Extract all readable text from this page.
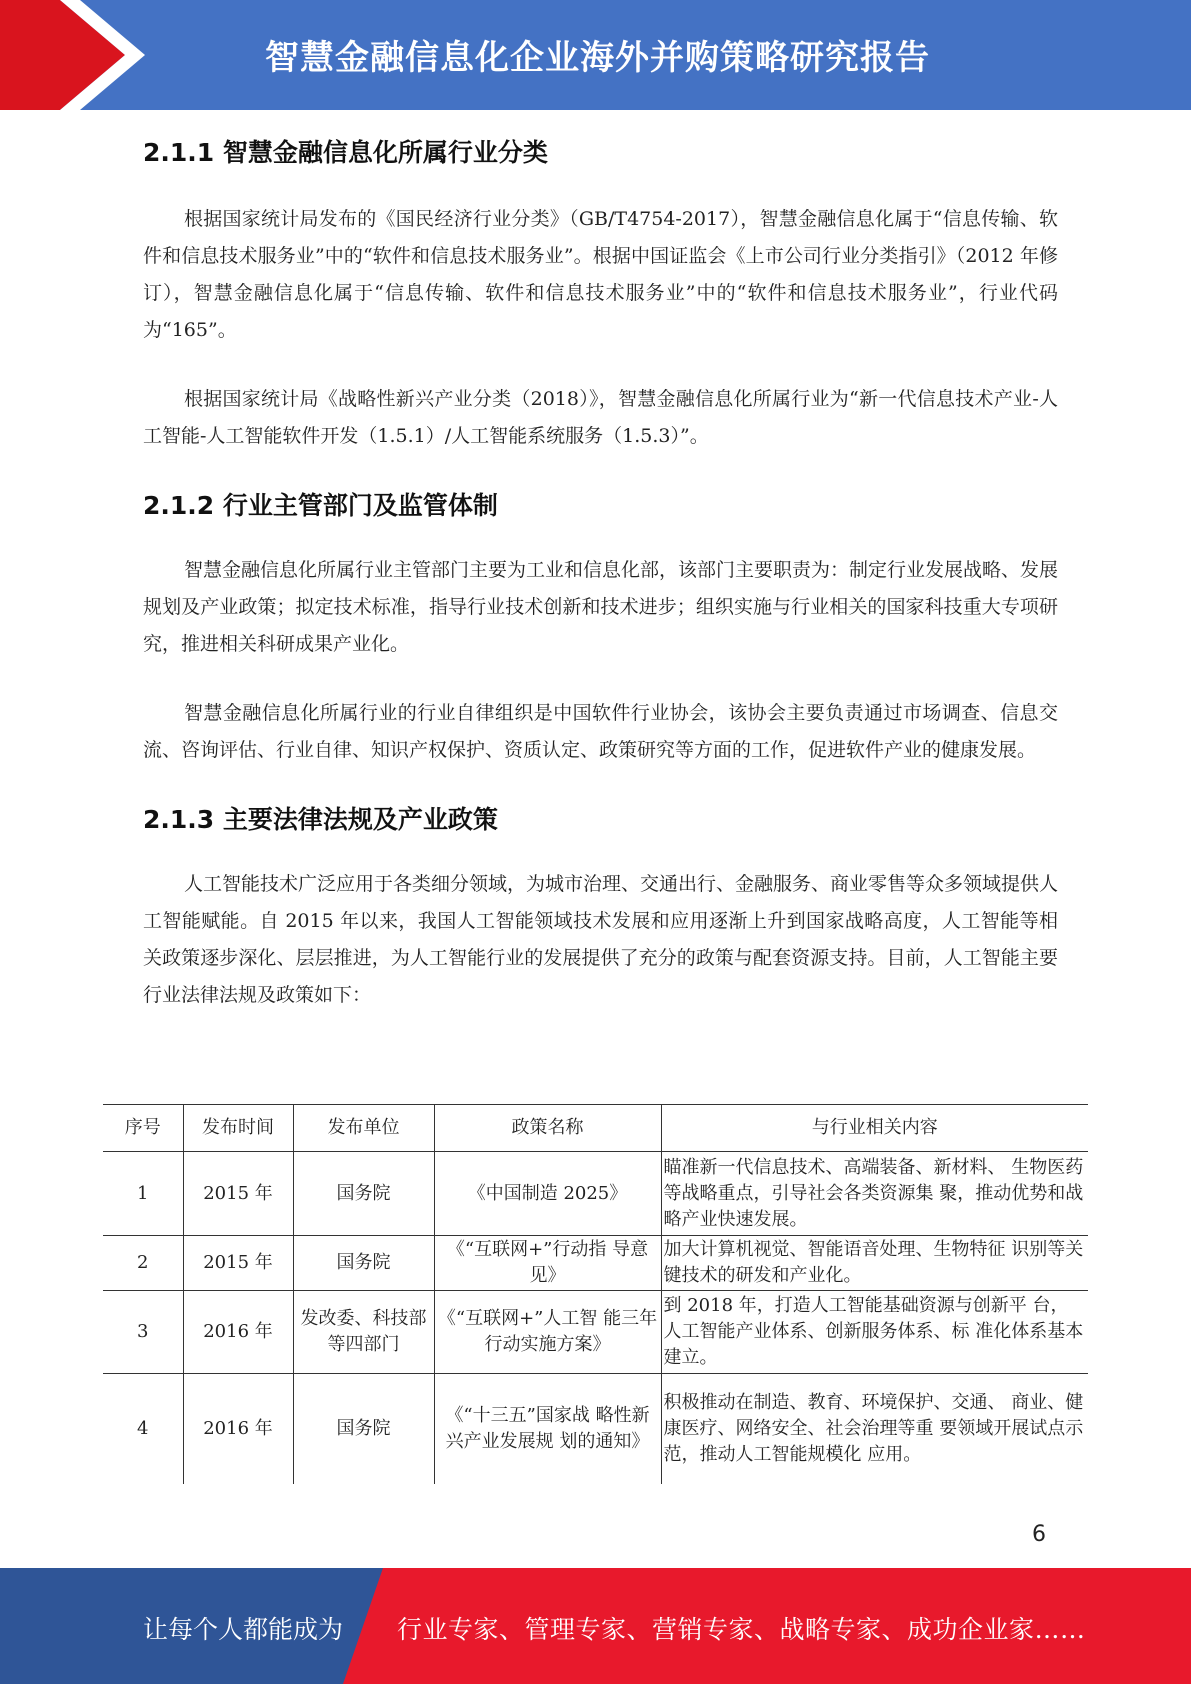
智慧金融信息化企业海外并购策略研究报告
2.1.1 智慧金融信息化所属行业分类

根据国家统计局发布的《国民经济行业分类》（GB/T4754-2017），智慧金融信息化属于“信息传输、软件和信息技术服务业”中的“软件和信息技术服务业”。根据中国证监会《上市公司行业分类指引》（2012 年修订），智慧金融信息化属于“信息传输、软件和信息技术服务业”中的“软件和信息技术服务业”，行业代码为“165”。

根据国家统计局《战略性新兴产业分类（2018）》，智慧金融信息化所属行业为“新一代信息技术产业-人工智能-人工智能软件开发（1.5.1）/人工智能系统服务（1.5.3）”。

2.1.2 行业主管部门及监管体制

智慧金融信息化所属行业主管部门主要为工业和信息化部，该部门主要职责为：制定行业发展战略、发展规划及产业政策；拟定技术标准，指导行业技术创新和技术进步；组织实施与行业相关的国家科技重大专项研究，推进相关科研成果产业化。

智慧金融信息化所属行业的行业自律组织是中国软件行业协会，该协会主要负责通过市场调查、信息交流、咨询评估、行业自律、知识产权保护、资质认定、政策研究等方面的工作，促进软件产业的健康发展。

2.1.3 主要法律法规及产业政策

人工智能技术广泛应用于各类细分领域，为城市治理、交通出行、金融服务、商业零售等众多领域提供人工智能赋能。自 2015 年以来，我国人工智能领域技术发展和应用逐渐上升到国家战略高度，人工智能等相关政策逐步深化、层层推进，为人工智能行业的发展提供了充分的政策与配套资源支持。目前，人工智能主要行业法律法规及政策如下：

序号	发布时间	发布单位	政策名称	与行业相关内容
1	2015 年	国务院	《中国制造 2025》	瞄准新一代信息技术、高端装备、新材料、 生物医药等战略重点，引导社会各类资源集 聚，推动优势和战略产业快速发展。
2	2015 年	国务院	《“互联网+”行动指 导意见》	加大计算机视觉、智能语音处理、生物特征 识别等关键技术的研发和产业化。
3	2016 年	发改委、科技部等四部门	《“互联网+”人工智 能三年行动实施方案》	到 2018 年，打造人工智能基础资源与创新平 台，人工智能产业体系、创新服务体系、标 准化体系基本建立。
4	2016 年	国务院	《“十三五”国家战 略性新兴产业发展规 划的通知》	积极推动在制造、教育、环境保护、交通、 商业、健康医疗、网络安全、社会治理等重 要领域开展试点示范，推动人工智能规模化 应用。
6
让每个人都能成为 行业专家、管理专家、营销专家、战略专家、成功企业家……
